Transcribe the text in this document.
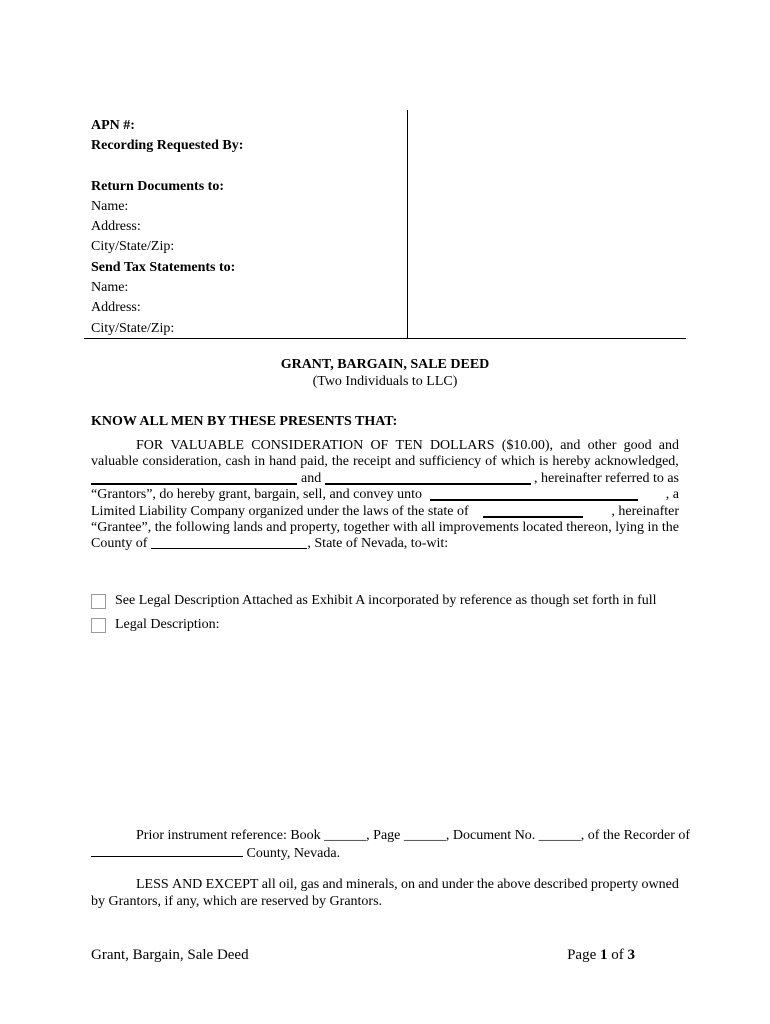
APN #:
Recording Requested By:
Return Documents to:
Name:
Address:
City/State/Zip:
Send Tax Statements to:
Name:
Address:
City/State/Zip:
GRANT, BARGAIN, SALE DEED
(Two Individuals to LLC)
KNOW ALL MEN BY THESE PRESENTS THAT:
FOR VALUABLE CONSIDERATION OF TEN DOLLARS ($10.00), and other good and
valuable consideration, cash in hand paid, the receipt and sufficiency of which is hereby acknowledged,
and	, hereinafter referred to as
“Grantors”, do hereby grant, bargain, sell, and convey unto	, a
Limited Liability Company organized under the laws of the state of	, hereinafter
“Grantee”, the following lands and property, together with all improvements located thereon, lying in the
County of	, State of Nevada, to-wit:
See Legal Description Attached as Exhibit A incorporated by reference as though set forth in full
Legal Description:
Prior instrument reference: Book ______, Page ______, Document No. ______, of the Recorder of
County, Nevada.
LESS AND EXCEPT all oil, gas and minerals, on and under the above described property owned
by Grantors, if any, which are reserved by Grantors.
Grant, Bargain, Sale Deed	Page 1 of 3
